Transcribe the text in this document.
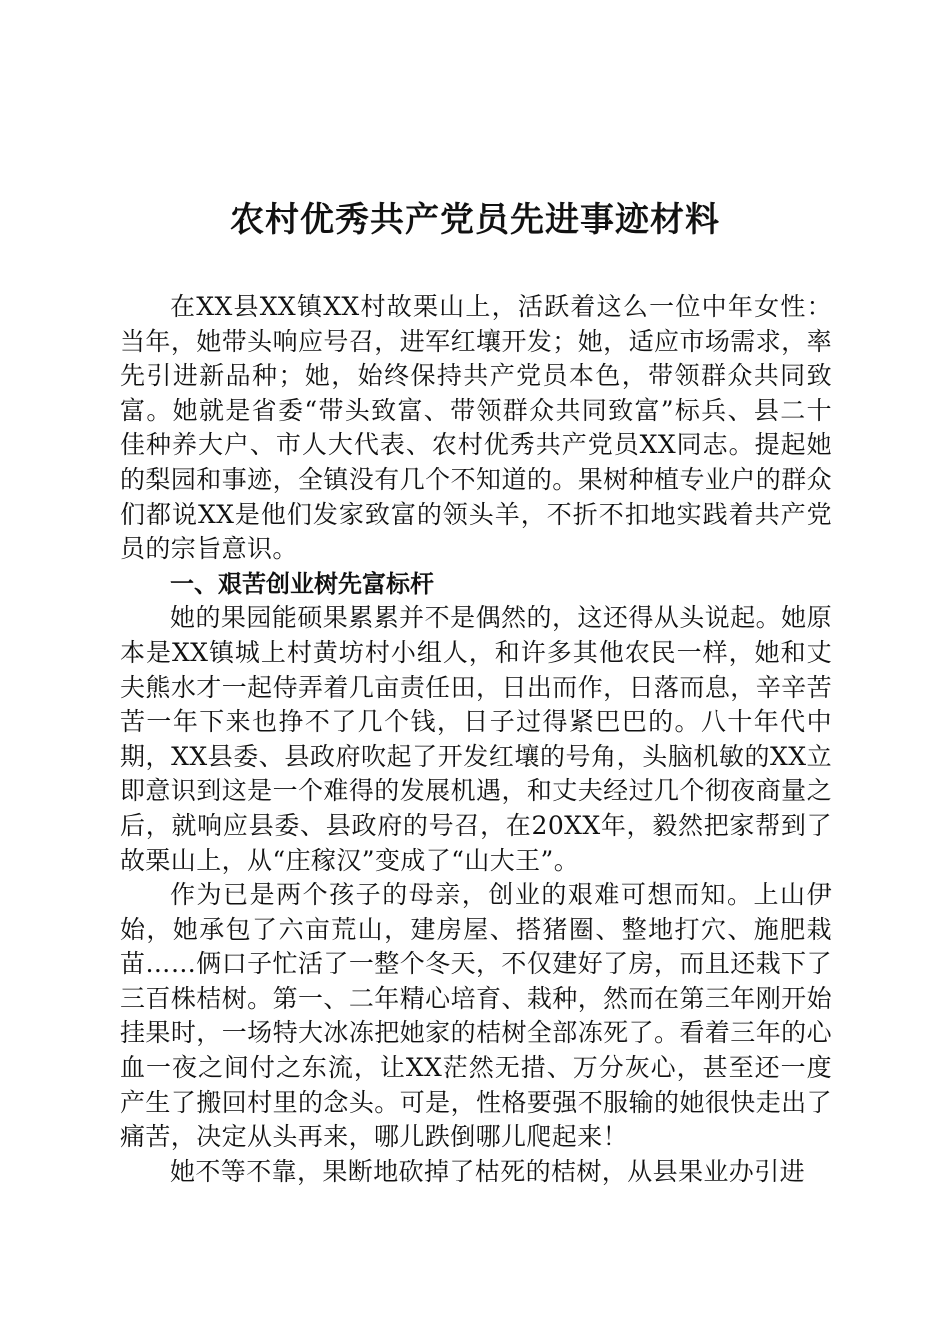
农村优秀共产党员先进事迹材料

在XX县XX镇XX村故栗山上，活跃着这么一位中年女性：当年，她带头响应号召，进军红壤开发；她，适应市场需求，率先引进新品种；她，始终保持共产党员本色，带领群众共同致富。她就是省委“带头致富、带领群众共同致富”标兵、县二十佳种养大户、市人大代表、农村优秀共产党员XX同志。提起她的梨园和事迹，全镇没有几个不知道的。果树种植专业户的群众们都说XX是他们发家致富的领头羊，不折不扣地实践着共产党员的宗旨意识。

一、艰苦创业树先富标杆

她的果园能硕果累累并不是偶然的，这还得从头说起。她原本是XX镇城上村黄坊村小组人，和许多其他农民一样，她和丈夫熊水才一起侍弄着几亩责任田，日出而作，日落而息，辛辛苦苦一年下来也挣不了几个钱，日子过得紧巴巴的。八十年代中期，XX县委、县政府吹起了开发红壤的号角，头脑机敏的XX立即意识到这是一个难得的发展机遇，和丈夫经过几个彻夜商量之后，就响应县委、县政府的号召，在20XX年，毅然把家帮到了故栗山上，从“庄稼汉”变成了“山大王”。

作为已是两个孩子的母亲，创业的艰难可想而知。上山伊始，她承包了六亩荒山，建房屋、搭猪圈、整地打穴、施肥栽苗……俩口子忙活了一整个冬天，不仅建好了房，而且还栽下了三百株桔树。第一、二年精心培育、栽种，然而在第三年刚开始挂果时，一场特大冰冻把她家的桔树全部冻死了。看着三年的心血一夜之间付之东流，让XX茫然无措、万分灰心，甚至还一度产生了搬回村里的念头。可是，性格要强不服输的她很快走出了痛苦，决定从头再来，哪儿跌倒哪儿爬起来！

她不等不靠，果断地砍掉了枯死的桔树，从县果业办引进
